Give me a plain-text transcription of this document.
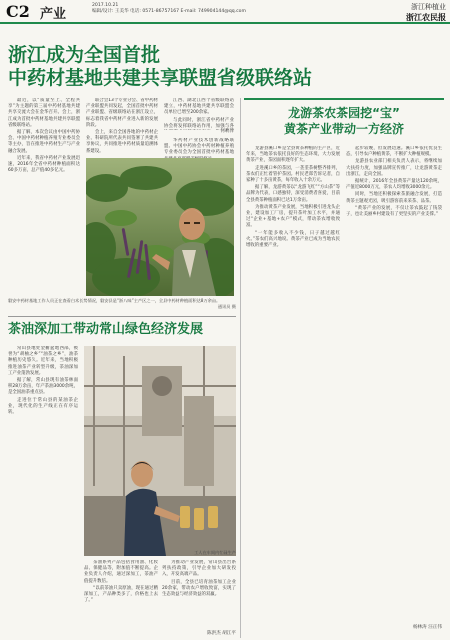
C2 产业
2017.10.21
编辑/设计: 王美华 电话: 0571-86757167 E-mail: 749904144@qq.com	浙江种植业
浙江农民报
浙江成为全国首批
中药材基地共建共享联盟省级联络站

最近，以“质量至上、全程共享”为主题的第三届中药材基地共建共享交流大会在金华召开。会上，浙江成为首批中药材基地共建共享联盟省级联络站。

据了解，本次会议由中国中药协会、中国中药材种植养殖专业委员会等主办，旨在推进中药材生产与产业融合发展。

近年来，我省中药材产业发展迅速，2016年全省中药材种植面积达60多万亩，总产值40多亿元。

联合会13个专业分会、省中药材产业联盟共同发起，全国首批中药材产业联盟、省级联络站在浙江设立，标志着我省中药材产业进入新的发展阶段。

会上，来自全国各地的中药材企业、科研院所代表共同签署了共建共享协议，共同推进中药材质量追溯体系建设。

江西、湖北江西个省级联络站建立，中药材基地共建共享联盟会员单位已增至200余家。

与此同时，浙江省中药材产业协会将发挥联络站作用，加强与各

何莉萍

华药材产业技术创新战略联盟、中国中药协会中药材种植养殖专业委员会为全国首批中药材基地

磐安中药材基地工作人员正在查看白术长势情况，磐安县是“浙八味”主产区之一，全县中药材种植面积达8万余亩。
通讯员 摄
龙游茶农茶园挖“宝”
黄茶产业带动一方经济

龙游县溪口乡是全县黄茶种植的主产区，近年来，当地茶农依托良好的生态环境，大力发展黄茶产业，茶园面积逐年扩大。

走进溪口乡的茶园，一垄垄茶树整齐排列，茶农们正忙着管护茶园。村民老郑告诉记者，自家种了十多亩黄茶，每年收入十余万元。

据了解，龙游黄茶以“龙游飞红”“方山茶”等品牌为代表，口感独特，深受消费者喜爱，目前全县黄茶种植面积已达1万余亩。

为推动黄茶产业发展，当地积极引进龙头企业，建设加工厂房，提升茶叶加工水平，并通过“企业+基地+农户”模式，带动茶农增收致富。

“一年能多收入不少钱，日子越过越红火。”茶农们高兴地说。黄茶产业已成为当地农民增收的重要产业。

起步较晚，但发展迅速。溪口乡依托优良生态，引导农户种植黄茶，不断扩大种植规模。

龙游县农业部门相关负责人表示，将继续加大扶持力度，加强品牌宣传推广，让龙游黄茶走出浙江，走向全国。

据统计，2016年全县黄茶产量达120余吨，产值近8000万元，茶农人均增收3000余元。

同时，当地还积极探索茶旅融合发展，打造黄茶主题观光园，吸引游客前来采茶、品茶。

“黄茶产业的发展，不仅让茶农鼓起了钱袋子，也让美丽乡村建设有了更坚实的产业支撑。”

杨林涛 汪正伟
茶油深加工带动常山绿色经济发展

常山县地处金衢盆地西部，被誉为“胡柚之乡”“油茶之乡”，油茶种植历史悠久。近年来，当地积极推进油茶产业转型升级，茶油深加工产业蓬勃发展。

据了解，常山县现有油茶林面积28万余亩，年产茶油3000余吨，是全国油茶重点县。

走进位于常山县的某油茶企业，现代化的生产线正在有序运转。

工人在车间内忙碌生产

茶油系列产品包括食用油、化妆品、保健品等，附加值不断提高。企业负责人介绍，通过深加工，茶油产值提升数倍。

“以前茶油只卖原油，现在通过精深加工，产品种类多了，价格也上去了。”

为推动产业发展，常山县出台系列扶持政策，引导企业加大研发投入，开发高端产品。

目前，全县已培育油茶加工企业20余家，带动农户增收致富，实现了生态效益与经济效益的双赢。

陈洪杰 胡江平
